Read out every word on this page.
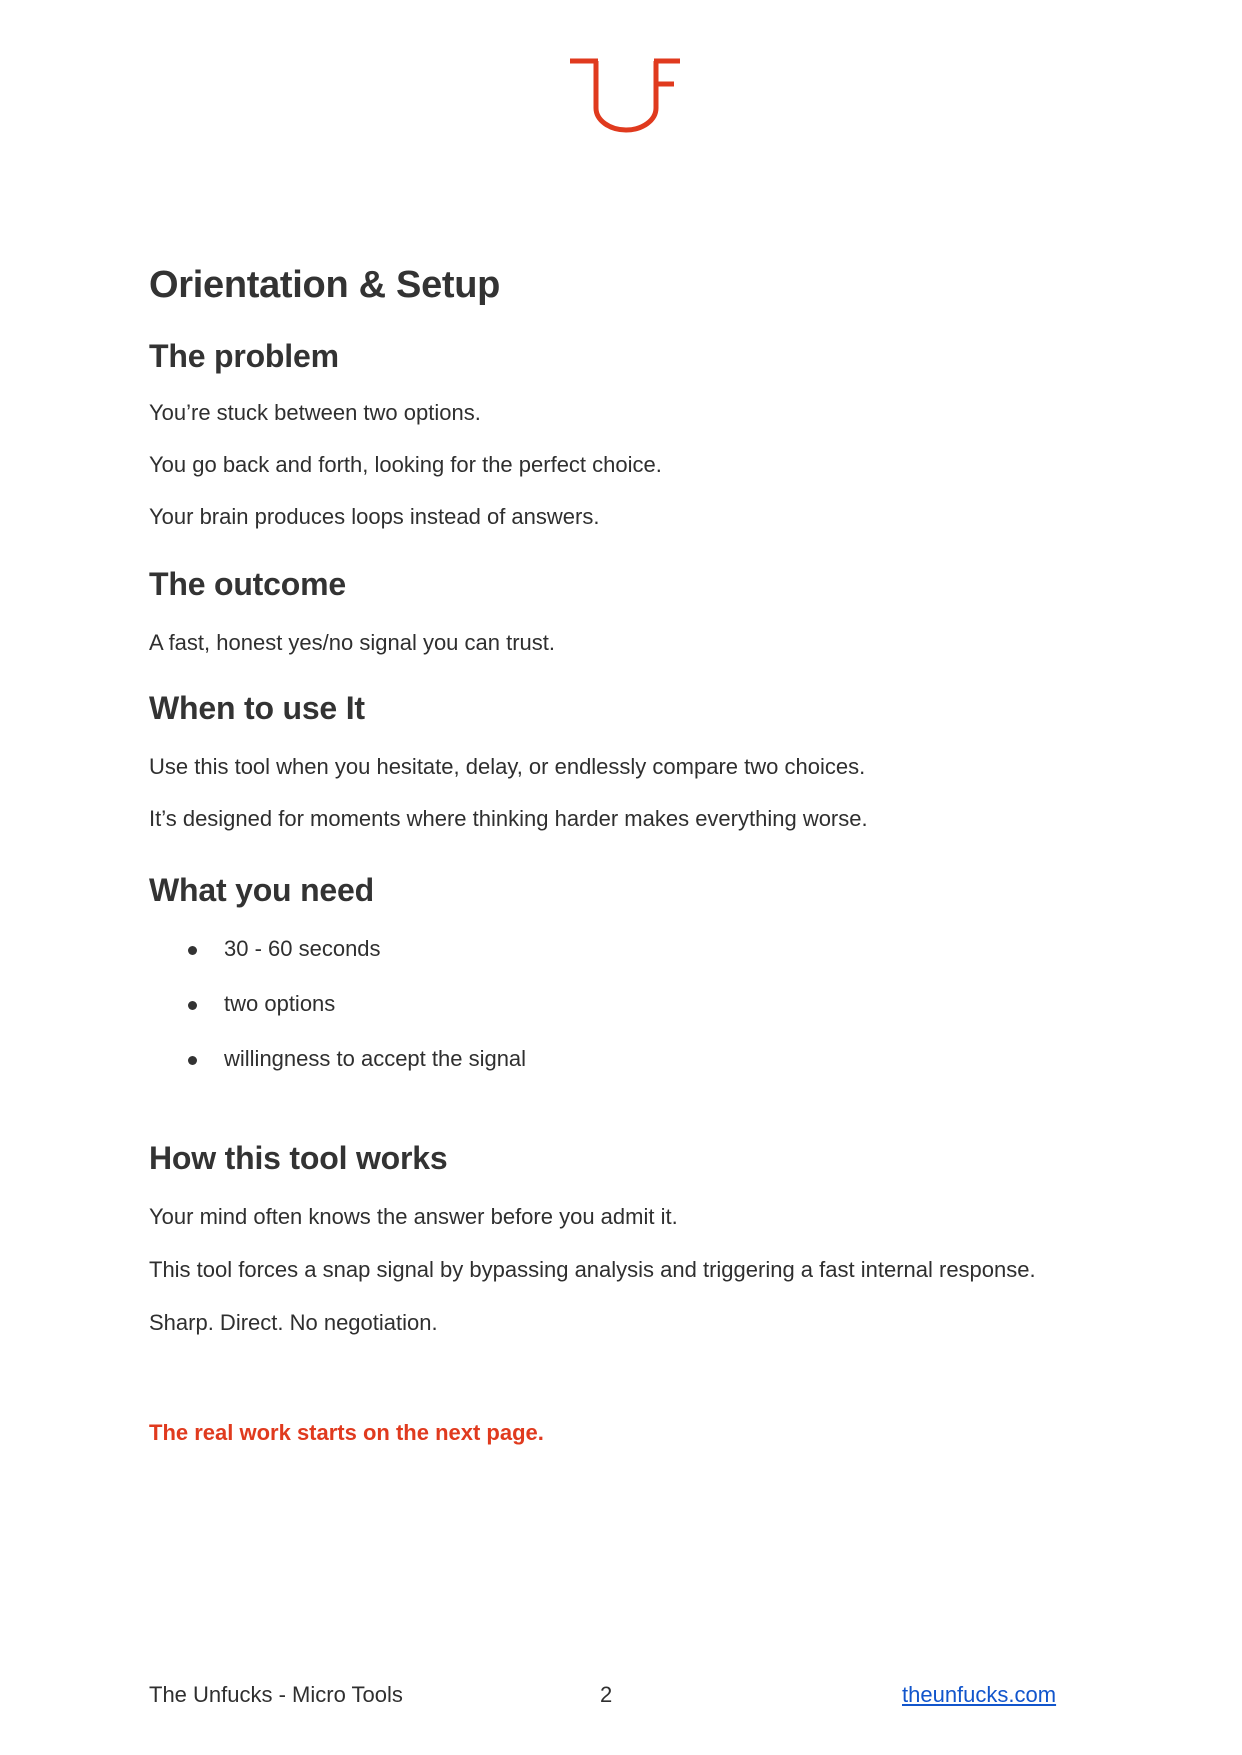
Orientation & Setup
The problem

You’re stuck between two options.

You go back and forth, looking for the perfect choice.

Your brain produces loops instead of answers.

The outcome

A fast, honest yes/no signal you can trust.

When to use It

Use this tool when you hesitate, delay, or endlessly compare two choices.

It’s designed for moments where thinking harder makes everything worse.

What you need
30 - 60 seconds
two options
willingness to accept the signal
How this tool works

Your mind often knows the answer before you admit it.

This tool forces a snap signal by bypassing analysis and triggering a fast internal response.

Sharp. Direct. No negotiation.

The real work starts on the next page.

The Unfucks - Micro Tools	2	theunfucks.com
